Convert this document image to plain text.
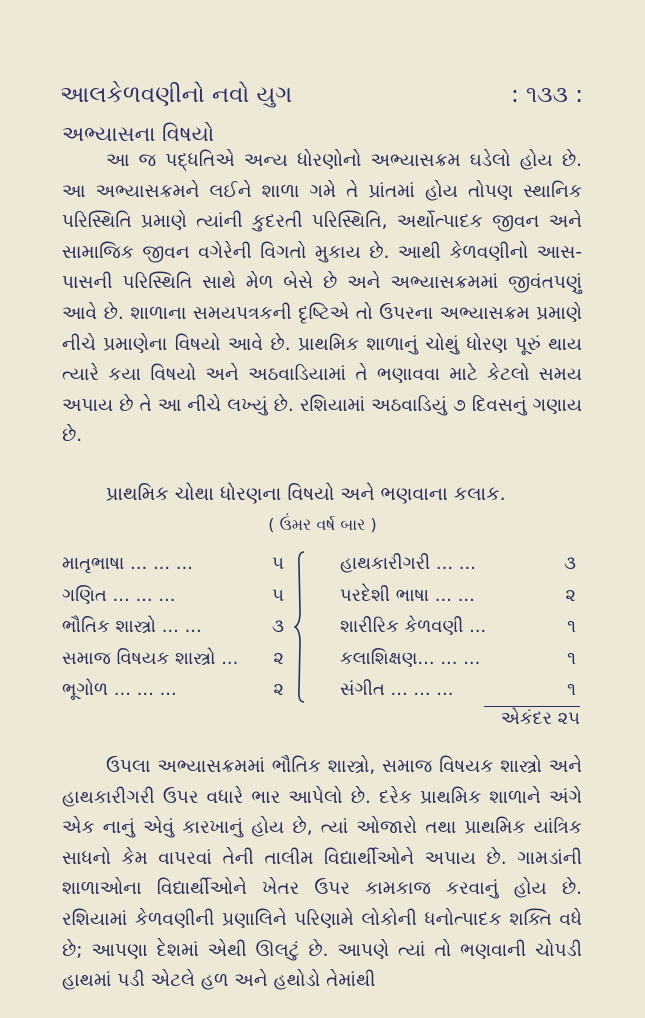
આલકેળવણીનો નવો યુગ	: ૧૩૩ :
અભ્યાસના વિષયો
આ જ પદ્ધતિએ અન્ય ધોરણોનો અભ્યાસક્રમ ઘડેલો હોય છે. આ અભ્યાસક્રમને લઈને શાળા ગમે તે પ્રાંતમાં હોય તોપણ સ્થાનિક પરિસ્થિતિ પ્રમાણે ત્યાંની કુદરતી પરિસ્થિતિ, અર્થોત્પાદક જીવન અને સામાજિક જીવન વગેરેની વિગતો મુકાય છે. આથી કેળવણીનો આસ-પાસની પરિસ્થિતિ સાથે મેળ બેસે છે અને અભ્યાસક્રમમાં જીવંતપણું આવે છે. શાળાના સમયપત્રકની દૃષ્ટિએ તો ઉપરના અભ્યાસક્રમ પ્રમાણે નીચે પ્રમાણેના વિષયો આવે છે. પ્રાથમિક શાળાનું ચોથું ધોરણ પૂરું થાય ત્યારે કયા વિષયો અને અઠવાડિયામાં તે ભણાવવા માટે કેટલો સમય અપાય છે તે આ નીચે લખ્યું છે. રશિયામાં અઠવાડિયું ૭ દિવસનું ગણાય છે.
પ્રાથમિક ચોથા ધોરણના વિષયો અને ભણવાના કલાક.
( ઉંમર વર્ષ બાર )
માતૃભાષા ... ... ...	૫
ગણિત ... ... ...	૫
ભૌતિક શાસ્ત્રો ... ...	૩
સમાજ વિષયક શાસ્ત્રો ...	૨
ભૂગોળ ... ... ...	૨
હાથકારીગરી ... ...	૩
પરદેશી ભાષા ... ...	૨
શારીરિક કેળવણી ...	૧
કલાશિક્ષણ... ... ...	૧
સંગીત ... ... ...	૧
એકંદર ૨૫
ઉપલા અભ્યાસક્રમમાં ભૌતિક શાસ્ત્રો, સમાજ વિષયક શાસ્ત્રો અને હાથકારીગરી ઉપર વધારે ભાર આપેલો છે. દરેક પ્રાથમિક શાળાને અંગે એક નાનું એવું કારખાનું હોય છે, ત્યાં ઓજારો તથા પ્રાથમિક યાંત્રિક સાધનો કેમ વાપરવાં તેની તાલીમ વિદ્યાર્થીઓને અપાય છે. ગામડાંની શાળાઓના વિદ્યાર્થીઓને ખેતર ઉપર કામકાજ કરવાનું હોય છે. રશિયામાં કેળવણીની પ્રણાલિને પરિણામે લોકોની ધનોત્પાદક શક્તિ વધે છે; આપણા દેશમાં એથી ઊલટું છે. આપણે ત્યાં તો ભણવાની ચોપડી હાથમાં પડી એટલે હળ અને હથોડો તેમાંથી
